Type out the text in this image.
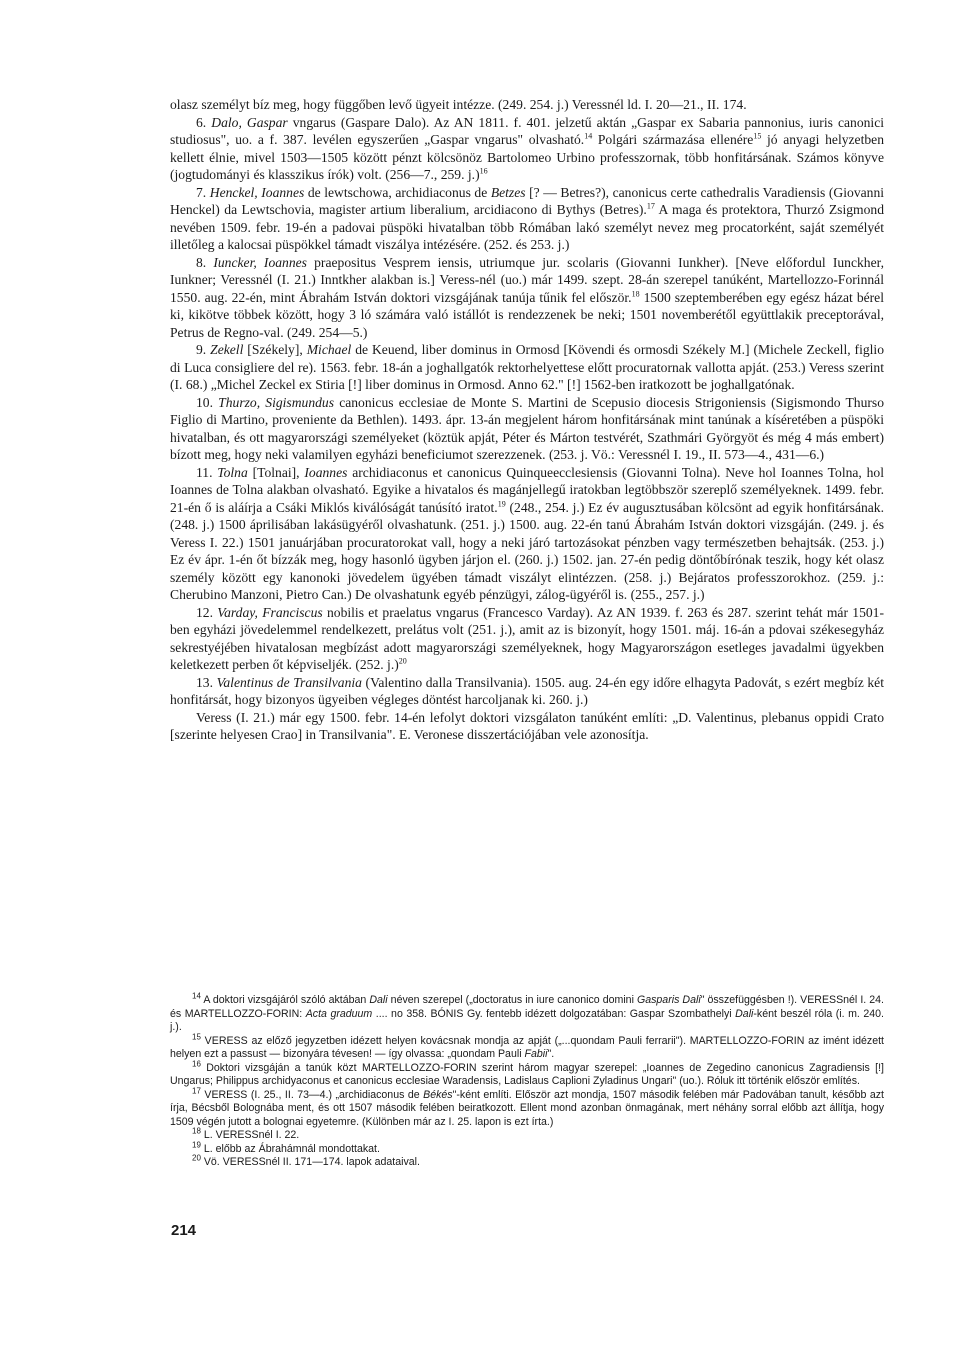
olasz személyt bíz meg, hogy függőben levő ügyeit intézze. (249. 254. j.) Veressnél ld. I. 20—21., II. 174.

6. Dalo, Gaspar vngarus (Gaspare Dalo). Az AN 1811. f. 401. jelzetű aktán „Gaspar ex Sabaria pannonius, iuris canonici studiosus", uo. a f. 387. levélen egyszerűen „Gaspar vngarus" olvasható.$^{14}$ Polgári származása ellenére$^{15}$ jó anyagi helyzetben kellett élnie, mivel 1503—1505 között pénzt kölcsönöz Bartolomeo Urbino professzornak, több honfitársának. Számos könyve (jogtudományi és klasszikus írók) volt. (256—7., 259. j.)$^{16}$

7. Henckel, Ioannes de lewtschowa, archidiaconus de Betzes [? — Betres?), canonicus certe cathedralis Varadiensis (Giovanni Henckel) da Lewtschovia, magister artium liberalium, arcidiacono di Bythys (Betres).$^{17}$ A maga és protektora, Thurzó Zsigmond nevében 1509. febr. 19-én a padovai püspöki hivatalban több Rómában lakó személyt nevez meg procatorként, saját személyét illetőleg a kalocsai püspökkel támadt viszálya intézésére. (252. és 253. j.)

8. Iuncker, Ioannes praepositus Vesprem iensis, utriumque jur. scolaris (Giovanni Iunkher). [Neve előfordul Iunckher, Iunkner; Veressnél (I. 21.) Inntkher alakban is.] Veress-nél (uo.) már 1499. szept. 28-án szerepel tanúként, Martellozzo-Forinnál 1550. aug. 22-én, mint Ábrahám István doktori vizsgájának tanúja tűnik fel először.$^{18}$ 1500 szeptemberében egy egész házat bérel ki, kikötve többek között, hogy 3 ló számára való istállót is rendezzenek be neki; 1501 novemberétől együttlakik preceptorával, Petrus de Regno-val. (249. 254—5.)

9. Zekell [Székely], Michael de Keuend, liber dominus in Ormosd [Kövendi és ormosdi Székely M.] (Michele Zeckell, figlio di Luca consigliere del re). 1563. febr. 18-án a joghallgatók rektorhelyettese előtt procuratornak vallotta apját. (253.) Veress szerint (I. 68.) „Michel Zeckel ex Stiria [!] liber dominus in Ormosd. Anno 62." [!] 1562-ben iratkozott be joghallgatónak.

10. Thurzo, Sigismundus canonicus ecclesiae de Monte S. Martini de Scepusio diocesis Strigoniensis (Sigismondo Thurso Figlio di Martino, proveniente da Bethlen). 1493. ápr. 13-án megjelent három honfitársának mint tanúnak a kíséretében a püspöki hivatalban, és ott magyarországi személyeket (köztük apját, Péter és Márton testvérét, Szathmári Györgyöt és még 4 más embert) bízott meg, hogy neki valamilyen egyházi beneficiumot szerezzenek. (253. j. Vö.: Veressnél I. 19., II. 573—4., 431—6.)

11. Tolna [Tolnai], Ioannes archidiaconus et canonicus Quinqueecclesiensis (Giovanni Tolna). Neve hol Ioannes Tolna, hol Ioannes de Tolna alakban olvasható. Egyike a hivatalos és magánjellegű iratokban legtöbbször szereplő személyeknek. 1499. febr. 21-én ő is aláírja a Csáki Miklós kiválóságát tanúsító iratot.$^{19}$ (248., 254. j.) Ez év augusztusában kölcsönt ad egyik honfitársának. (248. j.) 1500 áprilisában lakásügyéről olvashatunk. (251. j.) 1500. aug. 22-én tanú Ábrahám István doktori vizsgáján. (249. j. és Veress I. 22.) 1501 januárjában procuratorokat vall, hogy a neki járó tartozásokat pénzben vagy természetben behajtsák. (253. j.) Ez év ápr. 1-én őt bízzák meg, hogy hasonló ügyben járjon el. (260. j.) 1502. jan. 27-én pedig döntőbírónak teszik, hogy két olasz személy között egy kanonoki jövedelem ügyében támadt viszályt elintézzen. (258. j.) Bejáratos professzorokhoz. (259. j.: Cherubino Manzoni, Pietro Can.) De olvashatunk egyéb pénzügyi, zálog-ügyéről is. (255., 257. j.)

12. Varday, Franciscus nobilis et praelatus vngarus (Francesco Varday). Az AN 1939. f. 263 és 287. szerint tehát már 1501-ben egyházi jövedelemmel rendelkezett, prelátus volt (251. j.), amit az is bizonyít, hogy 1501. máj. 16-án a pdovai székesegyház sekrestyéjében hivatalosan megbízást adott magyarországi személyeknek, hogy Magyarországon esetleges javadalmi ügyekben keletkezett perben őt képviseljék. (252. j.)$^{20}$

13. Valentinus de Transilvania (Valentino dalla Transilvania). 1505. aug. 24-én egy időre elhagyta Padovát, s ezért megbíz két honfitársát, hogy bizonyos ügyeiben végleges döntést harcoljanak ki. 260. j.)

Veress (I. 21.) már egy 1500. febr. 14-én lefolyt doktori vizsgálaton tanúként említi: „D. Valentinus, plebanus oppidi Crato [szerinte helyesen Crao] in Transilvania". E. Veronese disszertációjában vele azonosítja.

$^{14}$ A doktori vizsgájáról szóló aktában Dali néven szerepel („doctoratus in iure canonico domini Gasparis Dali" összefüggésben !). VERESSnél I. 24. és MARTELLOZZO-FORIN: Acta graduum .... no 358. BÓNIS Gy. fentebb idézett dolgozatában: Gaspar Szombathelyi Dali-ként beszél róla (i. m. 240. j.).

$^{15}$ VERESS az előző jegyzetben idézett helyen kovácsnak mondja az apját („...quondam Pauli ferrarii"). MARTELLOZZO-FORIN az imént idézett helyen ezt a passust — bizonyára tévesen! — így olvassa: „quondam Pauli Fabii".

$^{16}$ Doktori vizsgáján a tanúk közt MARTELLOZZO-FORIN szerint három magyar szerepel: „Ioannes de Zegedino canonicus Zagradiensis [!] Ungarus; Philippus archidyaconus et canonicus ecclesiae Waradensis, Ladislaus Caplioni Zyladinus Ungari" (uo.). Róluk itt történik először említés.

$^{17}$ VERESS (I. 25., II. 73—4.) „archidiaconus de Békés"-ként említi. Először azt mondja, 1507 második felében már Padovában tanult, később azt írja, Bécsből Bolognába ment, és ott 1507 második felében beiratkozott. Ellent mond azonban önmagának, mert néhány sorral előbb azt állítja, hogy 1509 végén jutott a bolognai egyetemre. (Különben már az I. 25. lapon is ezt írta.)

$^{18}$ L. VERESSnél I. 22.

$^{19}$ L. előbb az Ábrahámnál mondottakat.

$^{20}$ Vö. VERESSnél II. 171—174. lapok adataival.

214
